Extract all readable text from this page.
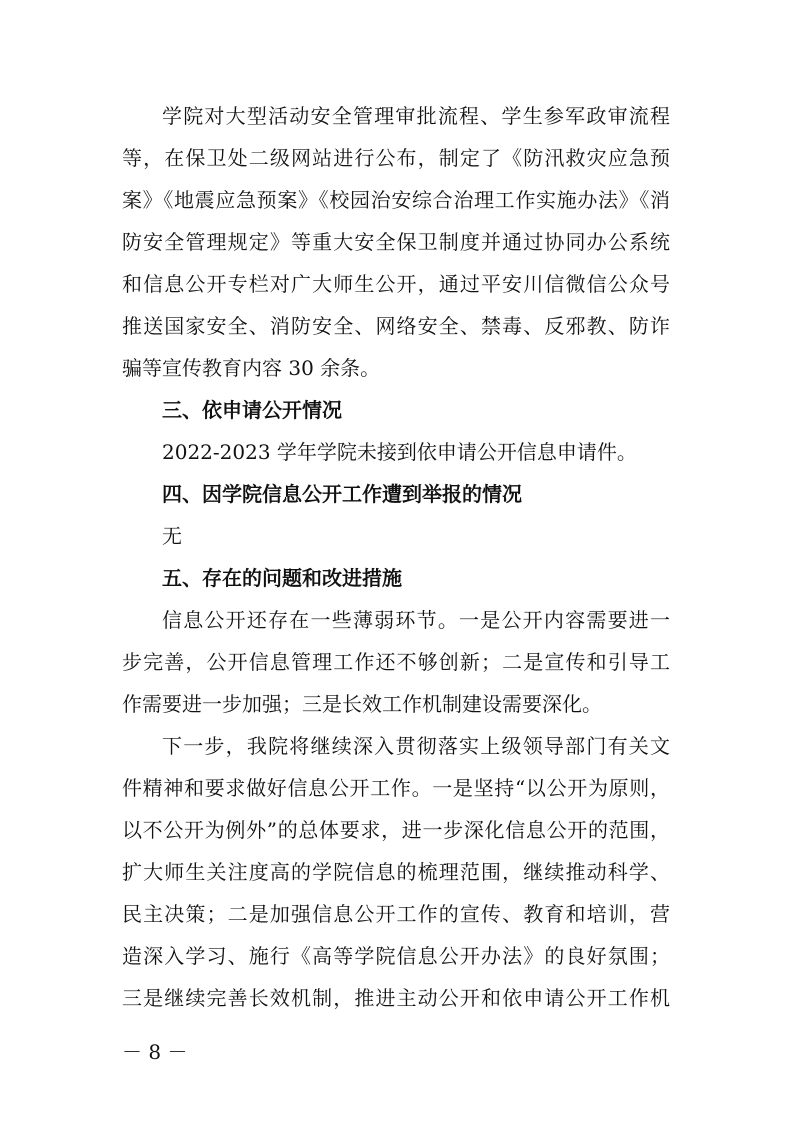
学院对大型活动安全管理审批流程、学生参军政审流程
等，在保卫处二级网站进行公布，制定了《防汛救灾应急预
案》《地震应急预案》《校园治安综合治理工作实施办法》《消
防安全管理规定》等重大安全保卫制度并通过协同办公系统
和信息公开专栏对广大师生公开，通过平安川信微信公众号
推送国家安全、消防安全、网络安全、禁毒、反邪教、防诈
骗等宣传教育内容 30 余条。
三、依申请公开情况
2022-2023 学年学院未接到依申请公开信息申请件。
四、因学院信息公开工作遭到举报的情况
无
五、存在的问题和改进措施
信息公开还存在一些薄弱环节。一是公开内容需要进一
步完善，公开信息管理工作还不够创新；二是宣传和引导工
作需要进一步加强；三是长效工作机制建设需要深化。
下一步，我院将继续深入贯彻落实上级领导部门有关文
件精神和要求做好信息公开工作。一是坚持“以公开为原则，
以不公开为例外”的总体要求，进一步深化信息公开的范围，
扩大师生关注度高的学院信息的梳理范围，继续推动科学、
民主决策；二是加强信息公开工作的宣传、教育和培训，营
造深入学习、施行《高等学院信息公开办法》的良好氛围；
三是继续完善长效机制，推进主动公开和依申请公开工作机
－ 8 －
